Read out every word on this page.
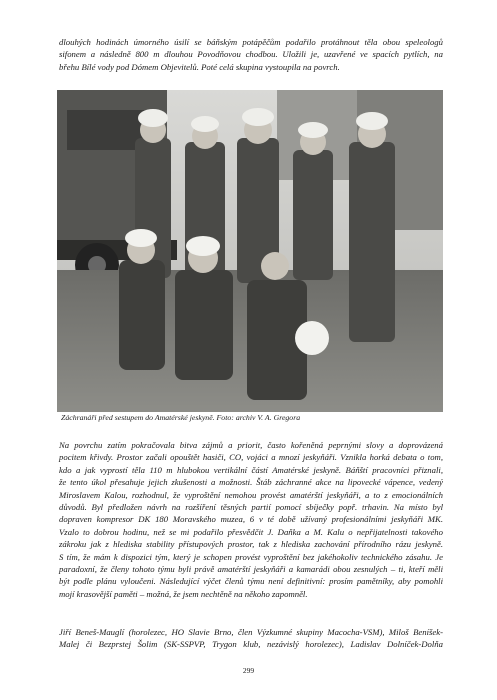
dlouhých hodinách úmorného úsilí se báňským potápěčům podařilo protáhnout těla obou speleologů
sifonem a následně 800 m dlouhou Povodňovou chodbou. Uložili je, uzavřené ve spacích pytlích, na
břehu Bílé vody pod Dómem Objevitelů. Poté celá skupina vystoupila na povrch.

Záchranáři před sestupem do Amatérské jeskyně. Foto: archiv V. A. Gregora

Na povrchu zatím pokračovala bitva zájmů a priorit, často kořeněná peprnými slovy a doprovázená
pocitem křivdy. Prostor začali opouštět hasiči, CO, vojáci a mnozí jeskyňáři. Vznikla horká debata o tom,
kdo a jak vyprostí těla 110 m hlubokou vertikální částí Amatérské jeskyně. Báňští pracovníci přiznali,
že tento úkol přesahuje jejich zkušenosti a možnosti. Štáb záchranné akce na lipovecké vápence, vedený
Miroslavem Kalou, rozhodnul, že vyproštění nemohou provést amatérští jeskyňáři, a to z emocionálních
důvodů. Byl předložen návrh na rozšíření těsných partií pomocí sbíječky popř. trhavin. Na místo byl
dopraven kompresor DK 180 Moravského muzea, 6 v té době užívaný profesionálními jeskyňáři MK.
Vzalo to dobrou hodinu, než se mi podařilo přesvědčit J. Daňka a M. Kalu o nepřijatelnosti takového
zákroku jak z hlediska stability přístupových prostor, tak z hlediska zachování přírodního rázu jeskyně.
S tím, že mám k dispozici tým, který je schopen provést vyproštění bez jakéhokoliv technického zásahu. Je
paradoxní, že členy tohoto týmu byli právě amatérští jeskyňáři a kamarádi obou zesnulých – ti, kteří měli
být podle plánu vyloučeni. Následující výčet členů týmu není definitivní: prosím pamětníky, aby pomohli
mojí krasovější paměti – možná, že jsem nechtěně na někoho zapomněl.

Jiří Beneš-Mauglí (horolezec, HO Slavie Brno, člen Výzkumné skupiny Macocha-VSM), Miloš Beníšek-
Malej či Bezprstej Šolim (SK-SSPVP, Trygon klub, nezávislý horolezec), Ladislav Dolníček-Dolňa

299
